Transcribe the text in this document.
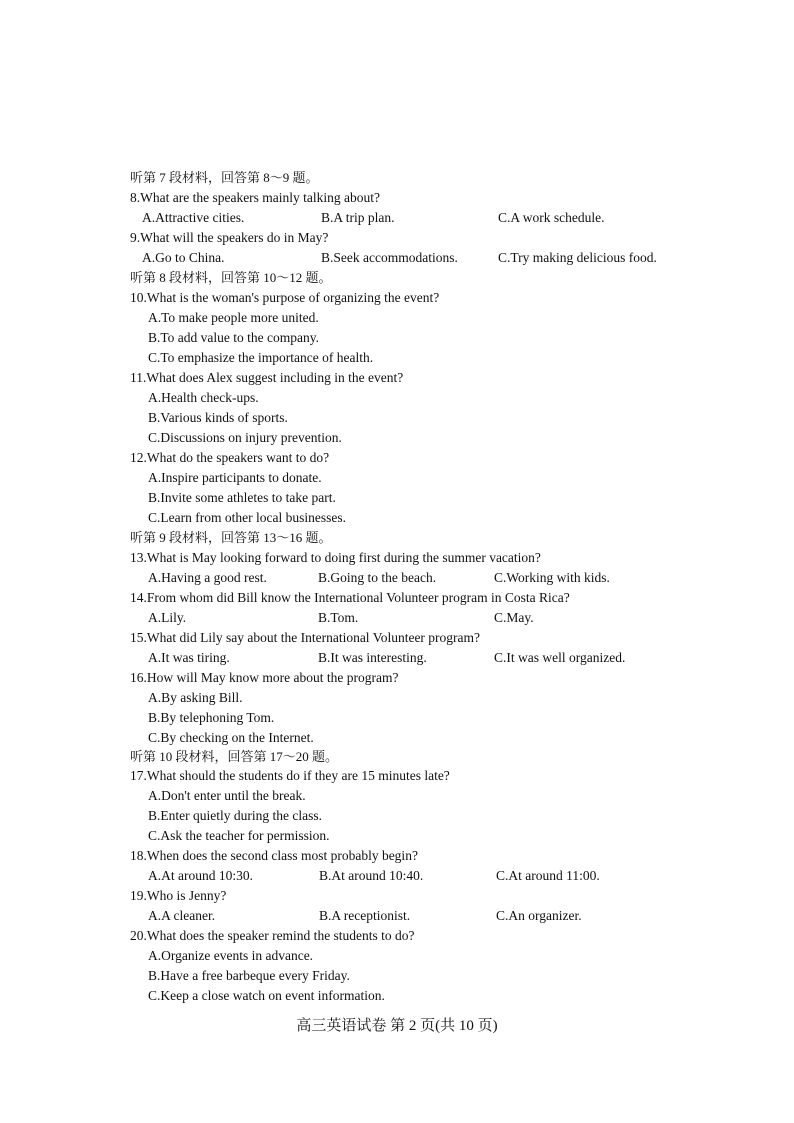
听第 7 段材料，回答第 8～9 题。
8.What are the speakers mainly talking about?
A.Attractive cities.	B.A trip plan.	C.A work schedule.
9.What will the speakers do in May?
A.Go to China.	B.Seek accommodations.	C.Try making delicious food.
听第 8 段材料，回答第 10～12 题。
10.What is the woman's purpose of organizing the event?
A.To make people more united.
B.To add value to the company.
C.To emphasize the importance of health.
11.What does Alex suggest including in the event?
A.Health check-ups.
B.Various kinds of sports.
C.Discussions on injury prevention.
12.What do the speakers want to do?
A.Inspire participants to donate.
B.Invite some athletes to take part.
C.Learn from other local businesses.
听第 9 段材料，回答第 13～16 题。
13.What is May looking forward to doing first during the summer vacation?
A.Having a good rest.	B.Going to the beach.	C.Working with kids.
14.From whom did Bill know the International Volunteer program in Costa Rica?
A.Lily.	B.Tom.	C.May.
15.What did Lily say about the International Volunteer program?
A.It was tiring.	B.It was interesting.	C.It was well organized.
16.How will May know more about the program?
A.By asking Bill.
B.By telephoning Tom.
C.By checking on the Internet.
听第 10 段材料，回答第 17～20 题。
17.What should the students do if they are 15 minutes late?
A.Don't enter until the break.
B.Enter quietly during the class.
C.Ask the teacher for permission.
18.When does the second class most probably begin?
A.At around 10:30.	B.At around 10:40.	C.At around 11:00.
19.Who is Jenny?
A.A cleaner.	B.A receptionist.	C.An organizer.
20.What does the speaker remind the students to do?
A.Organize events in advance.
B.Have a free barbeque every Friday.
C.Keep a close watch on event information.
高三英语试卷 第 2 页(共 10 页)
